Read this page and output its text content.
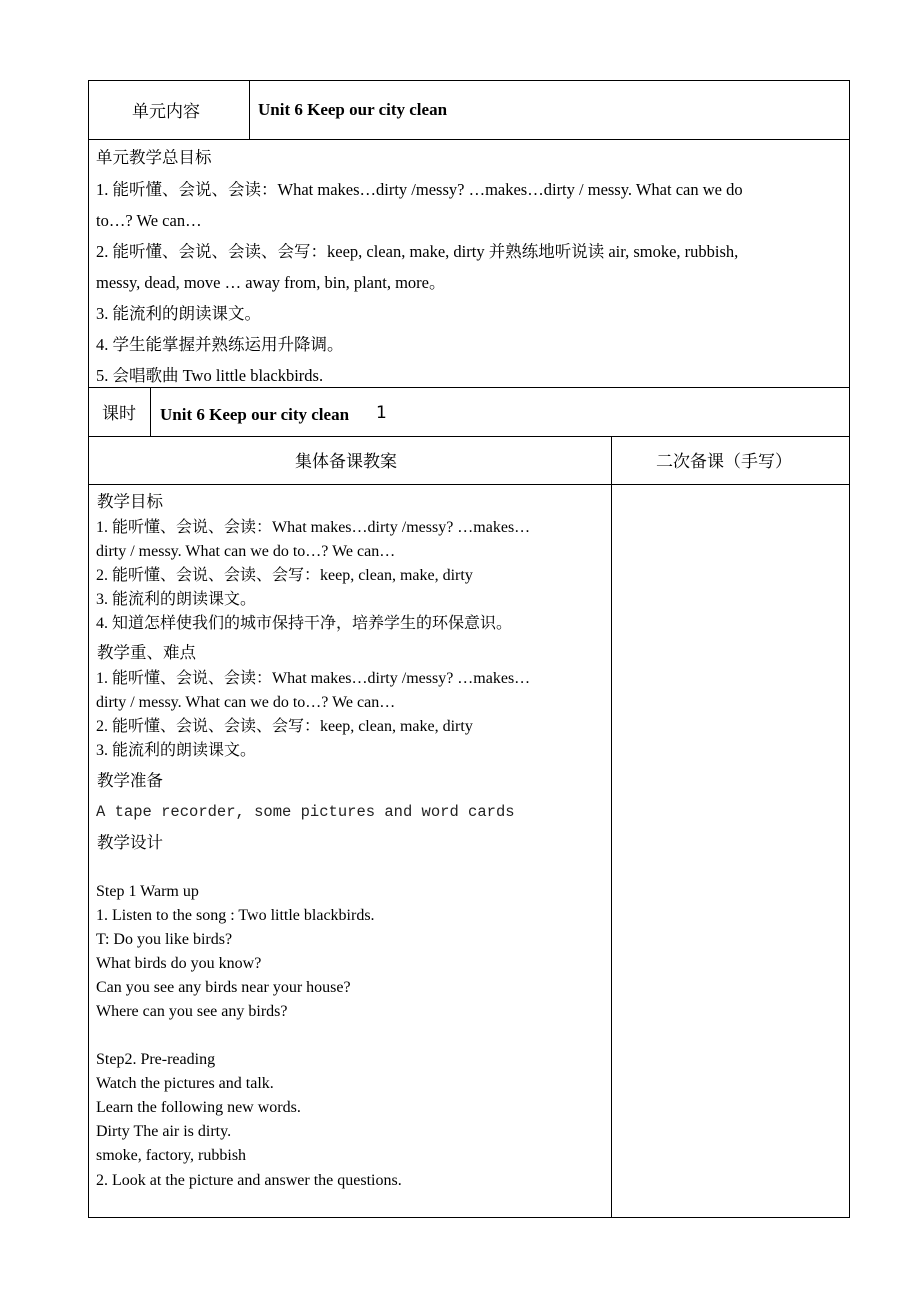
单元内容	Unit 6 Keep our city clean
单元教学总目标
1. 能听懂、会说、会读：What makes…dirty /messy? …makes…dirty / messy. What can we do
to…? We can…
2. 能听懂、会说、会读、会写：keep, clean, make, dirty 并熟练地听说读 air, smoke, rubbish,
messy, dead, move … away from, bin, plant, more。
3. 能流利的朗读课文。
4. 学生能掌握并熟练运用升降调。
5. 会唱歌曲 Two little blackbirds.
课时 Unit 6 Keep our city clean 1
集体备课教案	二次备课（手写）
教学目标
1. 能听懂、会说、会读：What makes…dirty /messy? …makes…
dirty / messy. What can we do to…? We can…
2. 能听懂、会说、会读、会写：keep, clean, make, dirty
3. 能流利的朗读课文。
4. 知道怎样使我们的城市保持干净，培养学生的环保意识。
教学重、难点
1. 能听懂、会说、会读：What makes…dirty /messy? …makes…
dirty / messy. What can we do to…? We can…
2. 能听懂、会说、会读、会写：keep, clean, make, dirty
3. 能流利的朗读课文。
教学准备
A tape recorder, some pictures and word cards
教学设计
Step 1 Warm up
1. Listen to the song : Two little blackbirds.
T: Do you like birds?
What birds do you know?
Can you see any birds near your house?
Where can you see any birds?
Step2. Pre-reading
Watch the pictures and talk.
Learn the following new words.
Dirty The air is dirty.
smoke, factory, rubbish
2. Look at the picture and answer the questions.
